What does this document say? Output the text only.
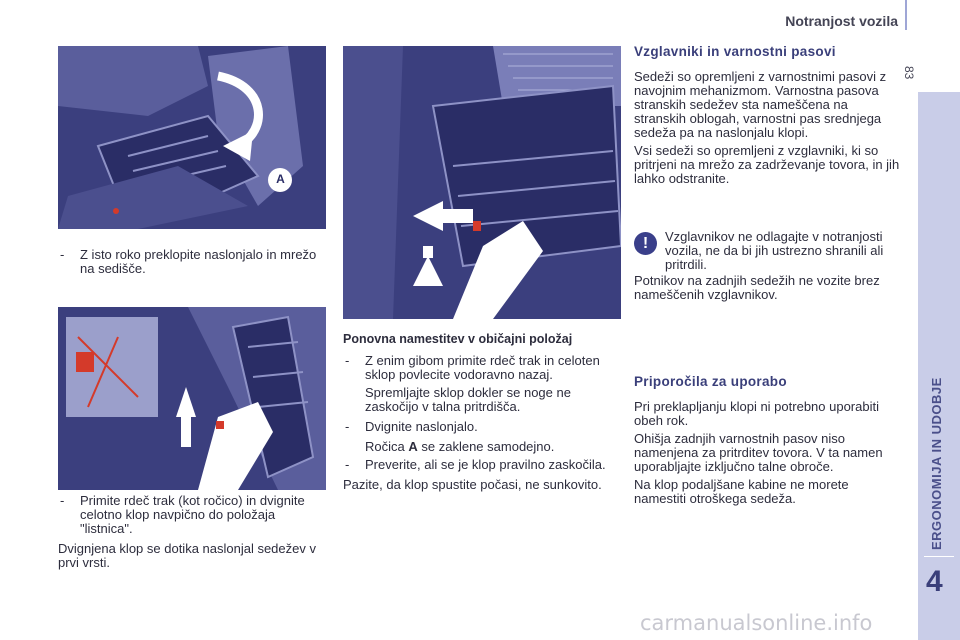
Notranjost vozila
83
ERGONOMIJA IN UDOBJE
4
A
- Z isto roko preklopite naslonjalo in mrežo na sedišče.
- Primite rdeč trak (kot ročico) in dvignite celotno klop navpično do položaja "listnica".

Dvignjena klop se dotika naslonjal sedežev v prvi vrsti.

Ponovna namestitev v običajni položaj

- Z enim gibom primite rdeč trak in celoten sklop povlecite vodoravno nazaj.

Spremljajte sklop dokler se noge ne zaskočijo v talna pritrdišča.

- Dvignite naslonjalo.

Ročica A se zaklene samodejno.

- Preverite, ali se je klop pravilno zaskočila.

Pazite, da klop spustite počasi, ne sunkovito.

Vzglavniki in varnostni pasovi

Sedeži so opremljeni z varnostnimi pasovi z navojnim mehanizmom. Varnostna pasova stranskih sedežev sta nameščena na stranskih oblogah, varnostni pas srednjega sedeža pa na naslonjalu klopi.

Vsi sedeži so opremljeni z vzglavniki, ki so pritrjeni na mrežo za zadrževanje tovora, in jih lahko odstranite.

!	Vzglavnikov ne odlagajte v notranjosti vozila, ne da bi jih ustrezno shranili ali pritrdili.
Potnikov na zadnjih sedežih ne vozite brez nameščenih vzglavnikov.
Priporočila za uporabo

Pri preklapljanju klopi ni potrebno uporabiti obeh rok.

Ohišja zadnjih varnostnih pasov niso namenjena za pritrditev tovora. V ta namen uporabljajte izključno talne obroče.

Na klop podaljšane kabine ne morete namestiti otroškega sedeža.

carmanualsonline.info
